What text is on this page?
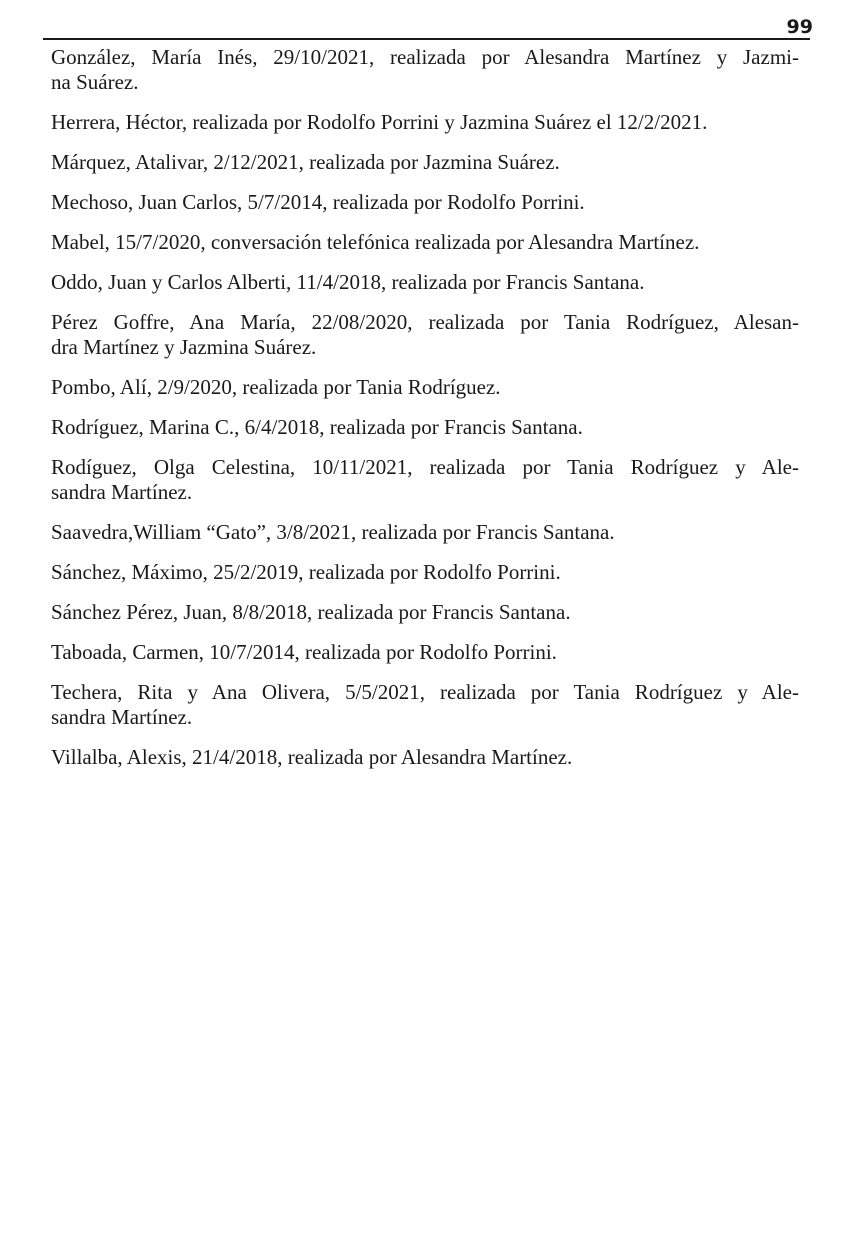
99

González, María Inés, 29/10/2021, realizada por Alesandra Martínez y Jazmi-
na Suárez.
Herrera, Héctor, realizada por Rodolfo Porrini y Jazmina Suárez el 12/2/2021.
Márquez, Atalivar, 2/12/2021, realizada por Jazmina Suárez.
Mechoso, Juan Carlos, 5/7/2014, realizada por Rodolfo Porrini.
Mabel, 15/7/2020, conversación telefónica realizada por Alesandra Martínez.
Oddo, Juan y Carlos Alberti, 11/4/2018, realizada por Francis Santana.
Pérez Goffre, Ana María, 22/08/2020, realizada por Tania Rodríguez, Alesan-
dra Martínez y Jazmina Suárez.
Pombo, Alí, 2/9/2020, realizada por Tania Rodríguez.
Rodríguez, Marina C., 6/4/2018, realizada por Francis Santana.
Rodíguez, Olga Celestina, 10/11/2021, realizada por Tania Rodríguez y Ale-
sandra Martínez.
Saavedra,William “Gato”, 3/8/2021, realizada por Francis Santana.
Sánchez, Máximo, 25/2/2019, realizada por Rodolfo Porrini.
Sánchez Pérez, Juan, 8/8/2018, realizada por Francis Santana.
Taboada, Carmen, 10/7/2014, realizada por Rodolfo Porrini.
Techera, Rita y Ana Olivera, 5/5/2021, realizada por Tania Rodríguez y Ale-
sandra Martínez.
Villalba, Alexis, 21/4/2018, realizada por Alesandra Martínez.
